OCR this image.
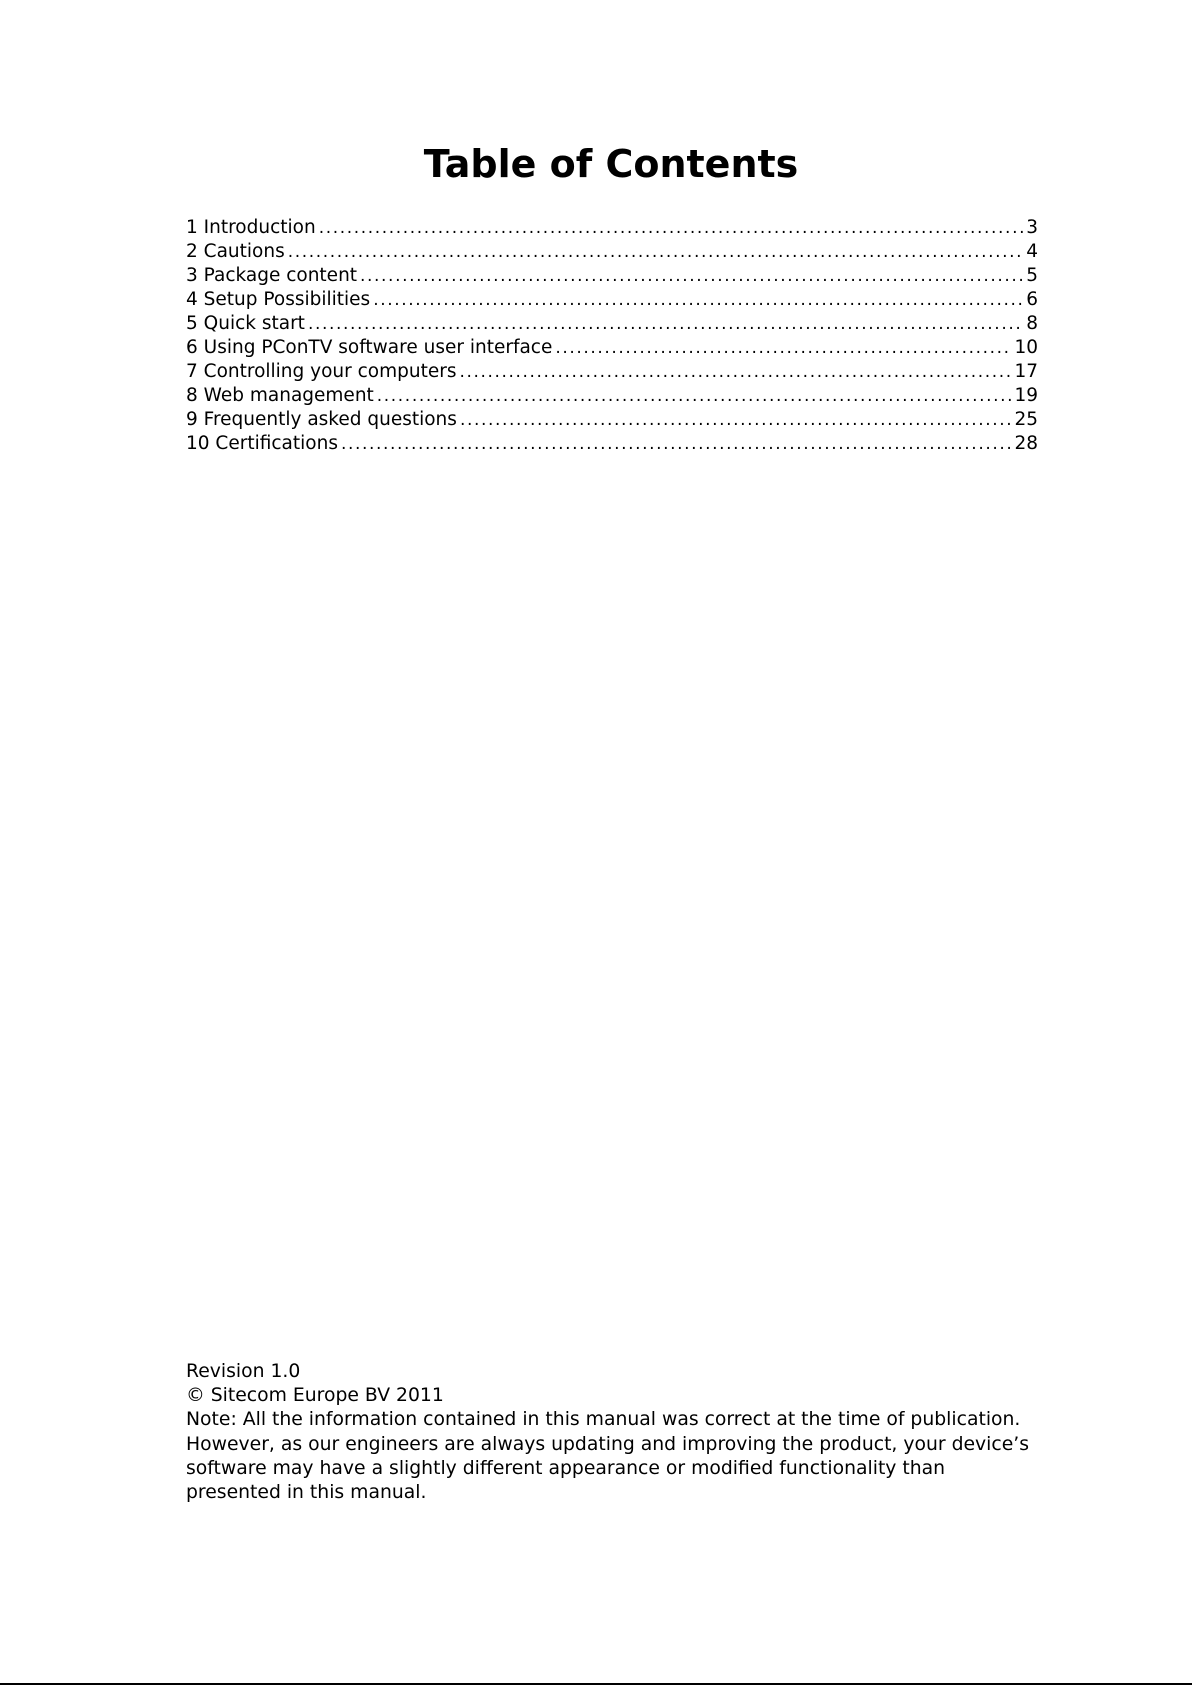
Table of Contents
1 Introduction .....	3
2 Cautions .....	4
3 Package content .....	5
4 Setup Possibilities .....	6
5 Quick start .....	8
6 Using PConTV software user interface .....	10
7 Controlling your computers .....	17
8 Web management .....	19
9 Frequently asked questions .....	25
10 Certifications .....	28

Revision 1.0

© Sitecom Europe BV 2011

Note: All the information contained in this manual was correct at the time of publication.

However, as our engineers are always updating and improving the product, your device’s

software may have a slightly different appearance or modified functionality than

presented in this manual.
